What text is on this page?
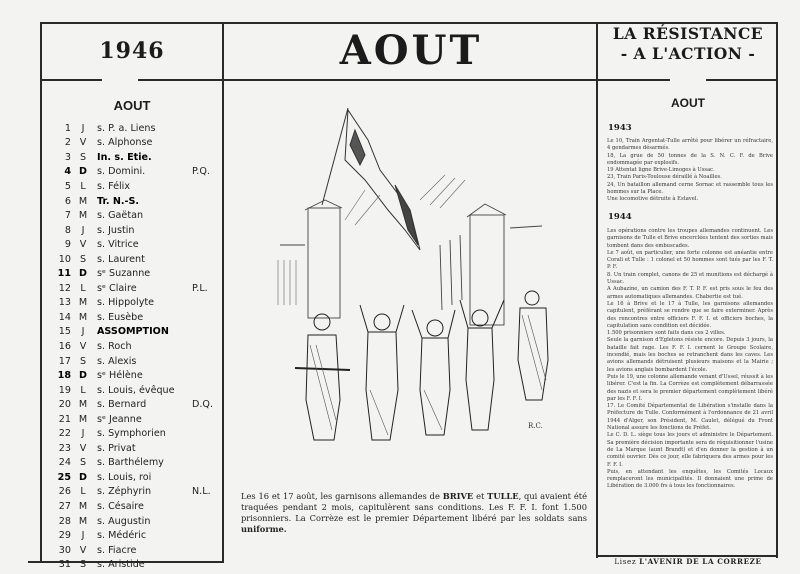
1946	AOUT	LA RÉSISTANCE
- A L'ACTION -
AOUT
1	J	s. P. a. Liens
2 V	s. Alphonse
3 S	In. s. Etie.
4 D	s. Domini.	P.Q.
5 L	s. Félix
6 M	Tr. N.-S.
7 M	s. Gaëtan
8	J	s. Justin
9 V	s. Vitrice
10 S	s. Laurent
11 D	sᵉ Suzanne
12 L	sᵉ Claire	P.L.
13 M	s. Hippolyte
14 M	s. Eusèbe
15	J	ASSOMPTION
16 V	s. Roch
17 S	s. Alexis
18 D	sᵉ Hélène
19 L	s. Louis, évêque
20 M	s. Bernard	D.Q.
21 M	sᵉ Jeanne
22	J	s. Symphorien
23 V	s. Privat
24 S	s. Barthélemy
25 D	s. Louis, roi
26 L	s. Zéphyrin	N.L.
27 M	s. Césaire
28 M	s. Augustin
29	J	s. Médéric
30 V	s. Fiacre
31 S	s. Aristide
R.C.
Les 16 et 17 août, les garnisons allemandes de BRIVE et TULLE, qui avaient été traquées pendant 2 mois, capitulèrent sans conditions. Les F. F. I. font 1.500 prisonniers. La Corrèze est le premier Département libéré par les soldats sans uniforme.
AOUT
1943

Le 10, Train Argentat-Tulle arrêté pour libérer un réfractaire, 4 gendarmes désarmés.

18, La grue de 50 tonnes de la S. N. C. F. de Brive endommagée par explosifs.

19 Attentat ligne Brive-Limoges à Ussac.

23, Train Paris-Toulouse déraillé à Noailles.

24, Un bataillon allemand cerne Sornac et rassemble tous les hommes sur la Place.

Une locomotive détruite à Estavel.

1944

Les opérations contre les troupes allemandes continuent. Les garnisons de Tulle et Brive encerclées tentent des sorties mais tombent dans des embuscades.

Le 7 août, en particulier, une forte colonne est anéantie entre Corali et Tulle : 1 colonel et 50 hommes sont tués par les F. T. P. F.

8. Un train complet, canons de 25 et munitions est déchargé à Ussac.

A Aubazine, un camion des F. T. P. F. est pris sous le feu des armes automatiques allemandes. Chabertie est tué.

Le 16 à Brive et le 17 à Tulle, les garnisons allemandes capitulent, préférant se rendre que se faire exterminer. Après des rencontres entre officiers F. F. I. et officiers boches, la capitulation sans condition est décidée.

1.500 prisonniers sont faits dans ces 2 villes.

Seule la garnison d'Egletons résiste encore. Depuis 3 jours, la bataille fait rage. Les F. F. I. cernent le Groupe Scolaire, incendié, mais les boches se retranchent dans les caves. Les avions allemands détruisent plusieurs maisons et la Mairie ; les avions anglais bombardent l'école.

Puis le 19, une colonne allemande venant d'Ussel, réussit à les libérer. C'est la fin. La Corrèze est complètement débarrassée des nazis et sera le premier département complètement libéré par les F. F. I.

17. Le Comité Départemental de Libération s'installe dans la Préfecture de Tulle. Conformément à l'ordonnance de 21 avril 1944 d'Alger, son Président, M. Caulet, délégué du Front National assure les fonctions de Préfet.

Le C. D. L. siège tous les jours et administre le Département. Sa première décision importante sera de réquisitionner l'usine de La Marque (aunt Brandt) et d'en donner la gestion à un comité ouvrier. Dès ce jour, elle fabriquera des armes pour les F. F. I.

Puis, en attendant les enquêtes, les Comités Locaux remplaceront les municipalités. Il donnaient une prime de Libération de 3.000 frs à tous les fonctionnaires.

Lisez L'AVENIR DE LA CORREZE
